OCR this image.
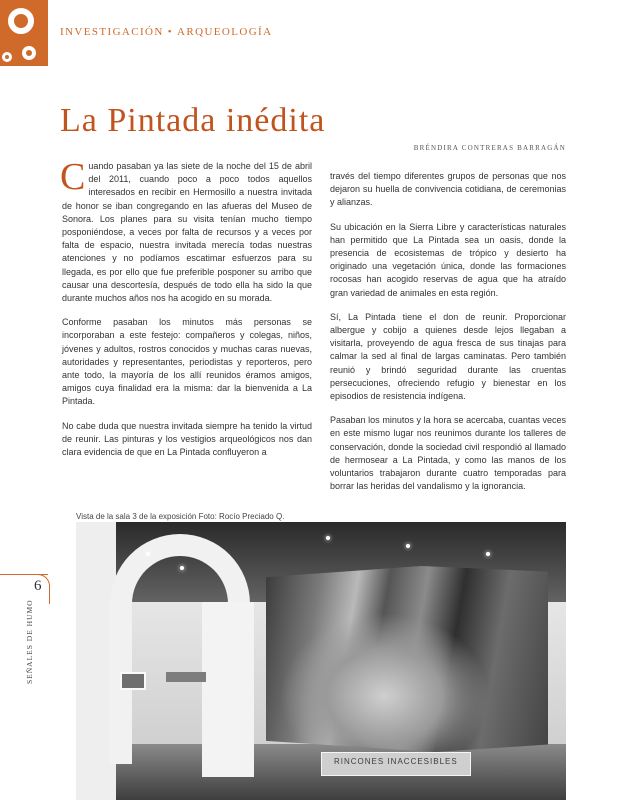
INVESTIGACIÓN • ARQUEOLOGÍA
La Pintada inédita
BRÉNDIRA CONTRERAS BARRAGÁN

Cuando pasaban ya las siete de la noche del 15 de abril del 2011, cuando poco a poco todos aquellos interesados en recibir en Hermosillo a nuestra invitada de honor se iban congregando en las afueras del Museo de Sonora. Los planes para su visita tenían mucho tiempo posponiéndose, a veces por falta de recursos y a veces por falta de espacio, nuestra invitada merecía todas nuestras atenciones y no podíamos escatimar esfuerzos para su llegada, es por ello que fue preferible posponer su arribo que causar una descortesía, después de todo ella ha sido la que durante muchos años nos ha acogido en su morada.

Conforme pasaban los minutos más personas se incorporaban a este festejo: compañeros y colegas, niños, jóvenes y adultos, rostros conocidos y muchas caras nuevas, autoridades y representantes, periodistas y reporteros, pero ante todo, la mayoría de los allí reunidos éramos amigos, amigos cuya finalidad era la misma: dar la bienvenida a La Pintada.

No cabe duda que nuestra invitada siempre ha tenido la virtud de reunir. Las pinturas y los vestigios arqueológicos nos dan clara evidencia de que en La Pintada confluyeron a

través del tiempo diferentes grupos de personas que nos dejaron su huella de convivencia cotidiana, de ceremonias y alianzas.

Su ubicación en la Sierra Libre y características naturales han permitido que La Pintada sea un oasis, donde la presencia de ecosistemas de trópico y desierto ha originado una vegetación única, donde las formaciones rocosas han acogido reservas de agua que ha atraído gran variedad de animales en esta región.

Sí, La Pintada tiene el don de reunir. Proporcionar albergue y cobijo a quienes desde lejos llegaban a visitarla, proveyendo de agua fresca de sus tinajas para calmar la sed al final de largas caminatas. Pero también reunió y brindó seguridad durante las cruentas persecuciones, ofreciendo refugio y bienestar en los episodios de resistencia indígena.

Pasaban los minutos y la hora se acercaba, cuantas veces en este mismo lugar nos reunimos durante los talleres de conservación, donde la sociedad civil respondió al llamado de hermosear a La Pintada, y como las manos de los voluntarios trabajaron durante cuatro temporadas para borrar las heridas del vandalismo y la ignorancia.

Vista de la sala 3 de la exposición Foto: Rocío Preciado Q.
RINCONES INACCESIBLES
6
SEÑALES DE HUMO
